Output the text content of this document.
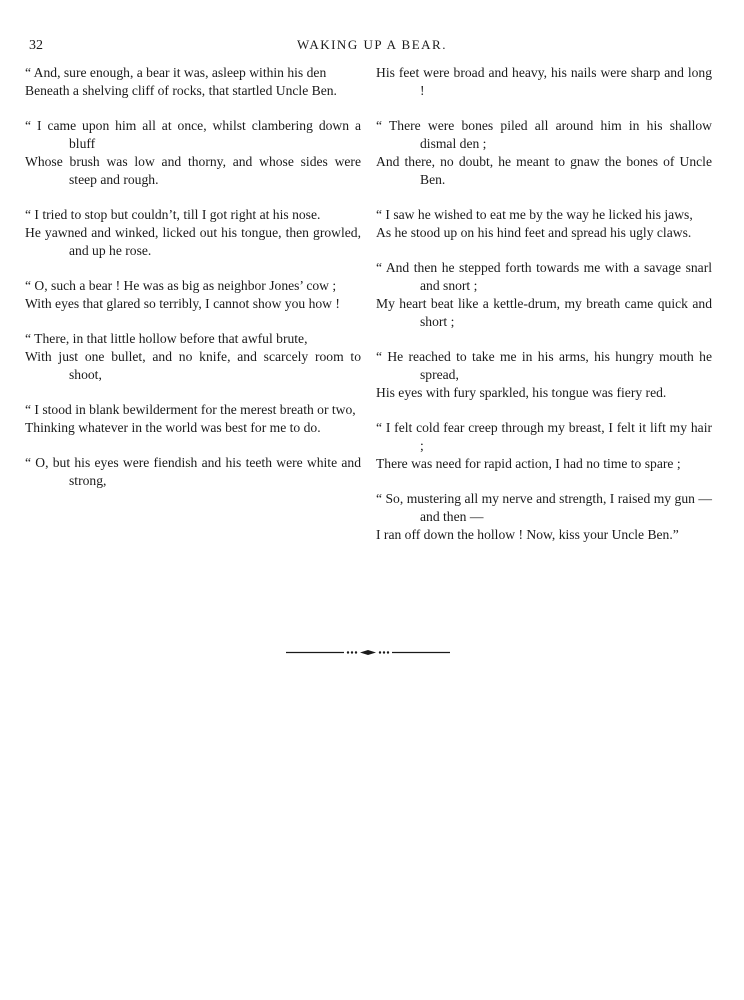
32	WAKING UP A BEAR.
“ And, sure enough, a bear it was, asleep within his den
Beneath a shelving cliff of rocks, that startled Uncle Ben.
“ I came upon him all at once, whilst clambering down a bluff
Whose brush was low and thorny, and whose sides were steep and rough.
“ I tried to stop but couldn’t, till I got right at his nose.
He yawned and winked, licked out his tongue, then growled, and up he rose.
“ O, such a bear ! He was as big as neighbor Jones’ cow ;
With eyes that glared so terribly, I cannot show you how !
“ There, in that little hollow before that awful brute,
With just one bullet, and no knife, and scarcely room to shoot,
“ I stood in blank bewilderment for the merest breath or two,
Thinking whatever in the world was best for me to do.
“ O, but his eyes were fiendish and his teeth were white and strong,
His feet were broad and heavy, his nails were sharp and long !
“ There were bones piled all around him in his shallow dismal den ;
And there, no doubt, he meant to gnaw the bones of Uncle Ben.
“ I saw he wished to eat me by the way he licked his jaws,
As he stood up on his hind feet and spread his ugly claws.
“ And then he stepped forth towards me with a savage snarl and snort ;
My heart beat like a kettle-drum, my breath came quick and short ;
“ He reached to take me in his arms, his hungry mouth he spread,
His eyes with fury sparkled, his tongue was fiery red.
“ I felt cold fear creep through my breast, I felt it lift my hair ;
There was need for rapid action, I had no time to spare ;
“ So, mustering all my nerve and strength, I raised my gun — and then —
I ran off down the hollow ! Now, kiss your Uncle Ben.”
